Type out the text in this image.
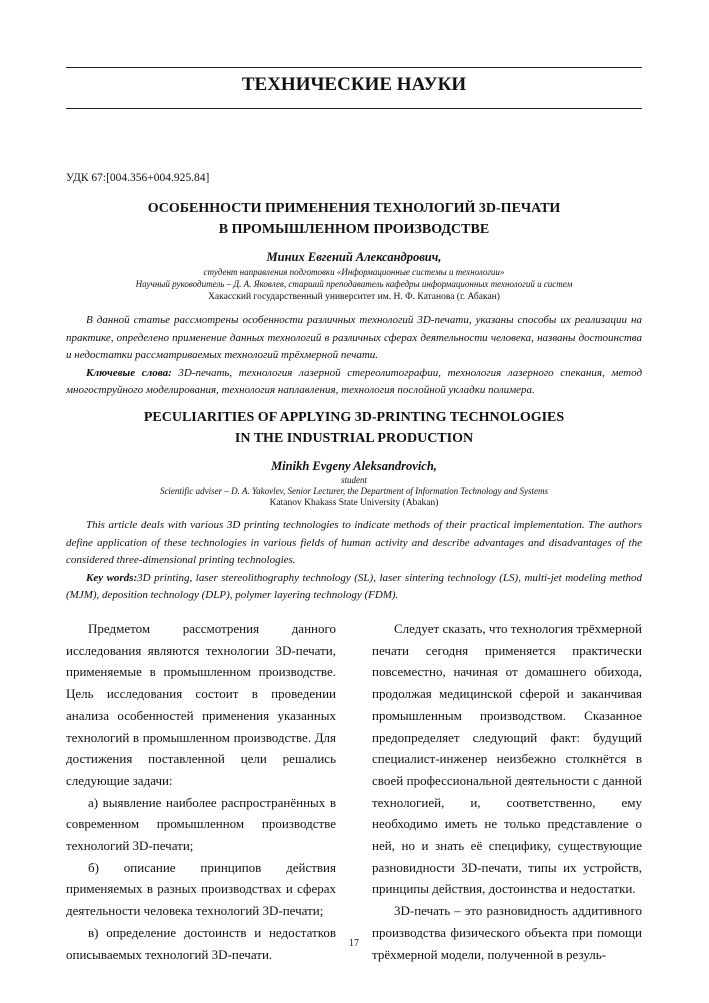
ТЕХНИЧЕСКИЕ НАУКИ
УДК 67:[004.356+004.925.84]
ОСОБЕННОСТИ ПРИМЕНЕНИЯ ТЕХНОЛОГИЙ 3D-ПЕЧАТИ
В ПРОМЫШЛЕННОМ ПРОИЗВОДСТВЕ
Миних Евгений Александрович,
студент направления подготовки «Информационные системы и технологии»
Научный руководитель – Д. А. Яковлев, старший преподаватель кафедры информационных технологий и систем
Хакасский государственный университет им. Н. Ф. Катанова (г. Абакан)

В данной статье рассмотрены особенности различных технологий 3D-печати, указаны способы их реализации на практике, определено применение данных технологий в различных сферах деятельности человека, названы достоинства и недостатки рассматриваемых технологий трёхмерной печати.

Ключевые слова: 3D-печать, технология лазерной стереолитографии, технология лазерного спекания, метод многоструйного моделирования, технология наплавления, технология послойной укладки полимера.

PECULIARITIES OF APPLYING 3D-PRINTING TECHNOLOGIES
IN THE INDUSTRIAL PRODUCTION
Minikh Evgeny Aleksandrovich,
student
Scientific adviser – D. A. Yakovlev, Senior Lecturer, the Department of Information Technology and Systems
Katanov Khakass State University (Abakan)

This article deals with various 3D printing technologies to indicate methods of their practical implementation. The authors define application of these technologies in various fields of human activity and describe advantages and disadvantages of the considered three-dimensional printing technologies.

Key words:3D printing, laser stereolithography technology (SL), laser sintering technology (LS), multi-jet modeling method (MJM), deposition technology (DLP), polymer layering technology (FDM).

Предметом рассмотрения данного исследования являются технологии 3D-печати, применяемые в промышленном производстве. Цель исследования состоит в проведении анализа особенностей применения указанных технологий в промышленном производстве. Для достижения поставленной цели решались следующие задачи:

а) выявление наиболее распространённых в современном промышленном производстве технологий 3D-печати;

б) описание принципов действия применяемых в разных производствах и сферах деятельности человека технологий 3D-печати;

в) определение достоинств и недостатков описываемых технологий 3D-печати.

Следует сказать, что технология трёхмерной печати сегодня применяется практически повсеместно, начиная от домашнего обихода, продолжая медицинской сферой и заканчивая промышленным производством. Сказанное предопределяет следующий факт: будущий специалист-инженер неизбежно столкнётся в своей профессиональной деятельности с данной технологией, и, соответственно, ему необходимо иметь не только представление о ней, но и знать её специфику, существующие разновидности 3D-печати, типы их устройств, принципы действия, достоинства и недостатки.

3D-печать – это разновидность аддитивного производства физического объекта при помощи трёхмерной модели, полученной в резуль-

17
